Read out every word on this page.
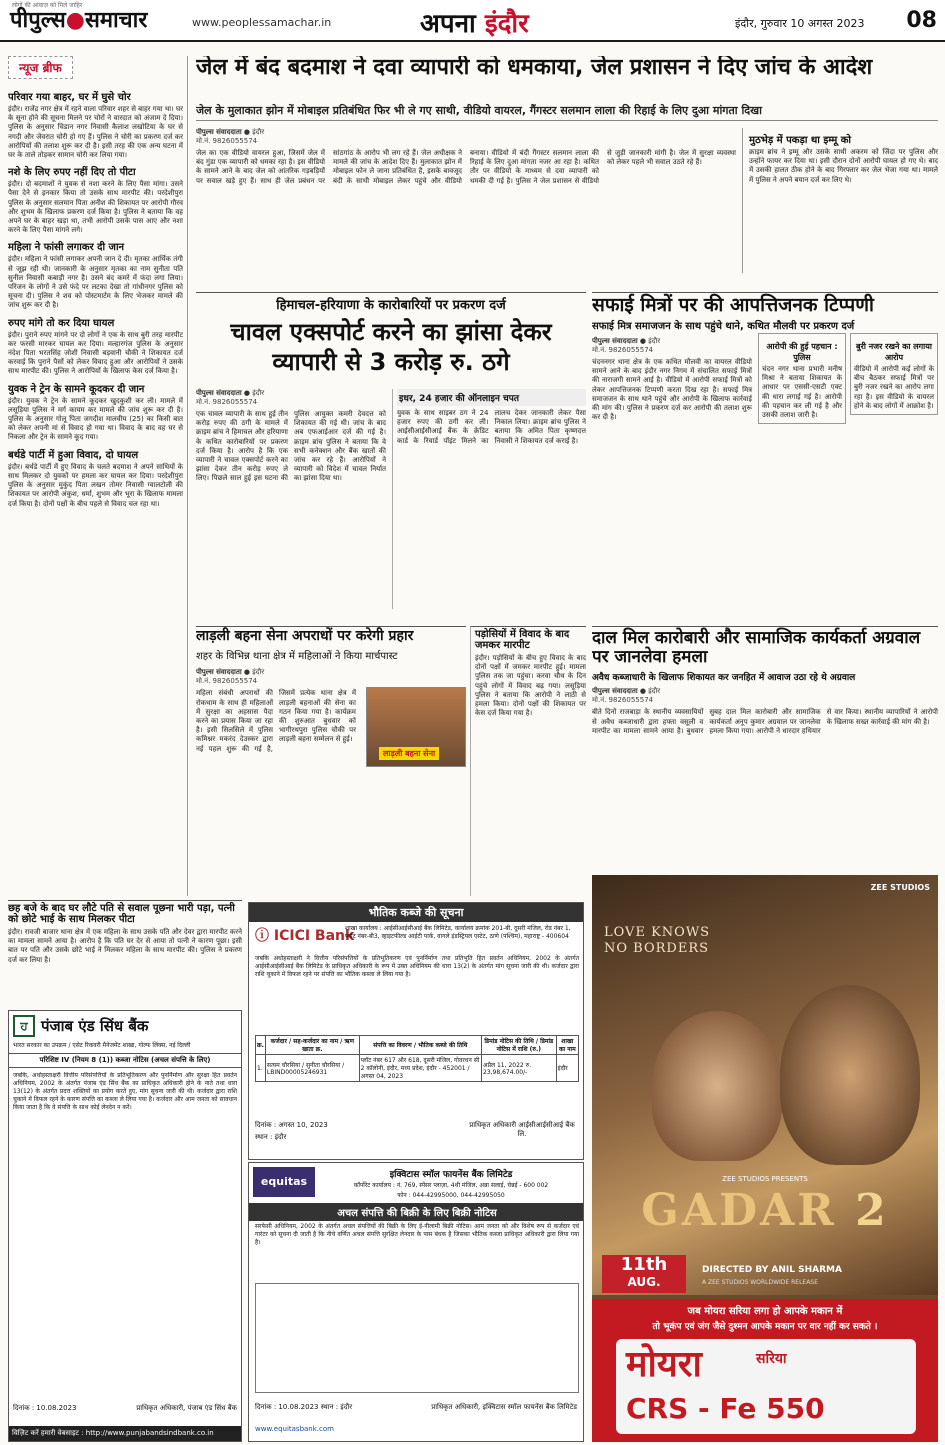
लोगों की आवाज़ को मिले जाहिर
पीपुल्स●समाचार	www.peoplessamachar.in	अपना इंदौर	इंदौर, गुरुवार 10 अगस्त 2023 08
न्यूज ब्रीफ
परिवार गया बाहर, घर में घुसे चोर
इंदौर। राजेंद्र नगर क्षेत्र में रहने वाला परिवार शहर से बाहर गया था। घर के सूना होने की सूचना मिलने पर चोरों ने वारदात को अंजाम दे दिया। पुलिस के अनुसार चिडान नगर निवासी कैलाश लखोटिया के घर से नगदी और जेवरात चोरी हो गए हैं। पुलिस ने चोरी का प्रकरण दर्ज कर आरोपियों की तलाश शुरू कर दी है। इसी तरह की एक अन्य घटना में घर के ताले तोड़कर सामान चोरी कर लिया गया।
नशे के लिए रुपए नहीं दिए तो पीटा
इंदौर। दो बदमाशों ने युवक से नशा करने के लिए पैसा मांगा। उसने पैसा देने से इनकार किया तो उसके साथ मारपीट की। परदेशीपुरा पुलिस के अनुसार सलमान पिता अनीश की शिकायत पर आरोपी गौरव और शुभम के खिलाफ प्रकरण दर्ज किया है। पुलिस ने बताया कि वह अपने घर के बाहर खड़ा था, तभी आरोपी उसके पास आए और नशा करने के लिए पैसा मांगने लगे।
महिला ने फांसी लगाकर दी जान
इंदौर। महिला ने फांसी लगाकर अपनी जान दे दी। मृतका आर्थिक तंगी से जूझ रही थी। जानकारी के अनुसार मृतका का नाम सुनीता पति सुनील निवासी कबाड़ी नगर है। उसने बंद कमरे में फंदा लगा लिया। परिजन के लोगों ने उसे फंदे पर लटका देखा तो गांधीनगर पुलिस को सूचना दी। पुलिस ने शव को पोस्टमार्टम के लिए भेजकर मामले की जांच शुरू कर दी है।
रुपए मांगे तो कर दिया घायल
इंदौर। पुराने रुपए मांगने पर दो लोगों ने एक के साथ बुरी तरह मारपीट कर फरसी मारकर घायल कर दिया। मल्हारगंज पुलिस के अनुसार नंदेश पिता भरतसिंह जोशी निवासी बड़वानी चौकी ने शिकायत दर्ज करवाई कि पुराने पैसों को लेकर विवाद हुआ और आरोपियों ने उसके साथ मारपीट की। पुलिस ने आरोपियों के खिलाफ केस दर्ज किया है।
युवक ने ट्रेन के सामने कूदकर दी जान
इंदौर। युवक ने ट्रेन के सामने कूदकर खुदकुशी कर ली। मामले में लसूड़िया पुलिस ने मर्ग कायम कर मामले की जांच शुरू कर दी है। पुलिस के अनुसार गोलू पिता जगदीश मालवीय (25) का किसी बात को लेकर अपनी मां से विवाद हो गया था। विवाद के बाद वह घर से निकला और ट्रेन के सामने कूद गया।
बर्थडे पार्टी में हुआ विवाद, दो घायल
इंदौर। बर्थडे पार्टी में हुए विवाद के चलते बदमाश ने अपने साथियों के साथ मिलकर दो युवकों पर हमला कर घायल कर दिया। परदेशीपुरा पुलिस के अनुसार मुकुंद पिता लखन तोमर निवासी ग्वालटोली की शिकायत पर आरोपी अंकुश, धर्मा, शुभम और भूरा के खिलाफ मामला दर्ज किया है। दोनों पक्षों के बीच पहले से विवाद चल रहा था।
जेल में बंद बदमाश ने दवा व्यापारी को धमकाया, जेल प्रशासन ने दिए जांच के आदेश
जेल के मुलाकात झोन में मोबाइल प्रतिबंधित फिर भी ले गए साथी, वीडियो वायरल, गैंगस्टर सलमान लाला की रिहाई के लिए दुआ मांगता दिखा
पीपुल्स संवाददाता ● इंदौर
मो.नं. 9826055574
जेल का एक वीडियो वायरल हुआ, जिसमें जेल में बंद गुंडा एक व्यापारी को धमका रहा है। इस वीडियो के सामने आने के बाद जेल को आंतरिक गड़बड़ियों पर सवाल खड़े हुए हैं। साथ ही जेल प्रबंधन पर सांठगांठ के आरोप भी लग रहे हैं। जेल अधीक्षक ने मामले की जांच के आदेश दिए हैं। मुलाकात झोन में मोबाइल फोन ले जाना प्रतिबंधित है, इसके बावजूद बंदी के साथी मोबाइल लेकर पहुंचे और वीडियो बनाया। वीडियो में बंदी गैंगस्टर सलमान लाला की रिहाई के लिए दुआ मांगता नजर आ रहा है। कथित तौर पर वीडियो के माध्यम से दवा व्यापारी को धमकी दी गई है। पुलिस ने जेल प्रशासन से वीडियो से जुड़ी जानकारी मांगी है। जेल में सुरक्षा व्यवस्था को लेकर पहले भी सवाल उठते रहे हैं।
मुठभेड़ में पकड़ा था इम्मू को
क्राइम ब्रांच ने इम्मू और उसके साथी अकरम को जिंदा पर पुलिस और उन्होंने फायर कर दिया था। इसी दौरान दोनों आरोपी घायल हो गए थे। बाद में उसकी हालत ठीक होने के बाद गिरफ्तार कर जेल भेजा गया था। मामले में पुलिस ने अपने बयान दर्ज कर लिए थे।
हिमाचल-हरियाणा के कारोबारियों पर प्रकरण दर्ज
चावल एक्सपोर्ट करने का झांसा देकर व्यापारी से 3 करोड़ रु. ठगे
पीपुल्स संवाददाता ● इंदौर
मो.नं. 9826055574
एक चावल व्यापारी के साथ हुई तीन करोड़ रुपए की ठगी के मामले में क्राइम ब्रांच ने हिमाचल और हरियाणा के कथित कारोबारियों पर प्रकरण दर्ज किया है। आरोप है कि एक व्यापारी ने चावल एक्सपोर्ट करने का झांसा देकर तीन करोड़ रुपए ले लिए। पिछले साल हुई इस घटना की पुलिस आयुक्त कमरी देवदत्त को शिकायत की गई थी। जांच के बाद अब एफआईआर दर्ज की गई है। क्राइम ब्रांच पुलिस ने बताया कि वे सभी कनेक्शन और बैंक खातों की जांच कर रहे हैं। आरोपियों ने व्यापारी को विदेश में चावल निर्यात का झांसा दिया था।
इधर, 24 हजार की ऑनलाइन चपत
युवक के साथ साइबर ठग ने 24 हजार रुपए की ठगी कर ली। आईसीआईसीआई बैंक के क्रेडिट कार्ड के रिवार्ड पॉइंट मिलने का लालच देकर जानकारी लेकर पैसा निकाल लिया। क्राइम ब्रांच पुलिस ने बताया कि अमित पिता कृष्णदत्त निवासी ने शिकायत दर्ज कराई है।
सफाई मित्रों पर की आपत्तिजनक टिप्पणी
सफाई मित्र समाजजन के साथ पहुंचे थाने, कथित मौलवी पर प्रकरण दर्ज
पीपुल्स संवाददाता ● इंदौर
मो.नं. 9826055574
चंदननगर थाना क्षेत्र के एक कथित मौलवी का वायरल वीडियो सामने आने के बाद इंदौर नगर निगम में संचालित सफाई मित्रों की नाराजगी सामने आई है। वीडियो में आरोपी सफाई मित्रों को लेकर आपत्तिजनक टिप्पणी करता दिख रहा है। सफाई मित्र समाजजन के साथ थाने पहुंचे और आरोपी के खिलाफ कार्रवाई की मांग की। पुलिस ने प्रकरण दर्ज कर आरोपी की तलाश शुरू कर दी है।
आरोपी की हुई पहचान : पुलिस
चंदन नगर थाना प्रभारी मनीष मिश्रा ने बताया शिकायत के आधार पर एससी-एसटी एक्ट की धारा लगाई गई है। आरोपी की पहचान कर ली गई है और उसकी तलाश जारी है।
बुरी नजर रखने का लगाया आरोप
वीडियो में आरोपी कई लोगों के बीच बैठकर सफाई मित्रों पर बुरी नजर रखने का आरोप लगा रहा है। इस वीडियो के वायरल होने के बाद लोगों में आक्रोश है।
लाड़ली बहना सेना अपराधों पर करेगी प्रहार
शहर के विभिन्न थाना क्षेत्र में महिलाओं ने किया मार्चपास्ट
पीपुल्स संवाददाता ● इंदौर
मो.नं. 9826055574
महिला संबंधी अपराधों की रोकथाम के साथ ही महिलाओं में सुरक्षा का अहसास पैदा करने का प्रयास किया जा रहा है। इसी सिलसिले में पुलिस कमिश्नर मकरंद देउस्कर द्वारा नई पहल शुरू की गई है, जिसमें प्रत्येक थाना क्षेत्र में लाड़ली बहनाओं की सेना का गठन किया गया है। कार्यक्रम की शुरुआत बुधवार को भागीरथपुरा पुलिस चौकी पर लाड़ली बहना सम्मेलन से हुई।
लाड़ली बहना सेना
पड़ोसियों में विवाद के बाद जमकर मारपीट
इंदौर। पड़ोसियों के बीच हुए विवाद के बाद दोनों पक्षों में जमकर मारपीट हुई। मामला पुलिस तक जा पहुंचा। करवा चौथ के दिन पहुंचे लोगों में विवाद बढ़ गया। लसूड़िया पुलिस ने बताया कि आरोपी ने लाठी से हमला किया। दोनों पक्षों की शिकायत पर केस दर्ज किया गया है।
दाल मिल कारोबारी और सामाजिक कार्यकर्ता अग्रवाल पर जानलेवा हमला
अवैध कब्जाधारी के खिलाफ शिकायत कर जनहित में आवाज उठा रहे थे अग्रवाल
पीपुल्स संवाददाता ● इंदौर
मो.नं. 9826055574
बीते दिनों राजबाड़ा के स्थानीय व्यवसायियों से अवैध कब्जाधारी द्वारा हफ्ता वसूली व मारपीट का मामला सामने आया है। बुधवार सुबह दाल मिल कारोबारी और सामाजिक कार्यकर्ता अनूप कुमार अग्रवाल पर जानलेवा हमला किया गया। आरोपी ने धारदार हथियार से वार किया। स्थानीय व्यापारियों ने आरोपी के खिलाफ सख्त कार्रवाई की मांग की है।
छह बजे के बाद घर लौटे पति से सवाल पूछना भारी पड़ा, पत्नी को छोटे भाई के साथ मिलकर पीटा
इंदौर। रावजी बाजार थाना क्षेत्र में एक महिला के साथ उसके पति और देवर द्वारा मारपीट करने का मामला सामने आया है। आरोप है कि पति घर देर से आया तो पत्नी ने कारण पूछा। इसी बात पर पति और उसके छोटे भाई ने मिलकर महिला के साथ मारपीट की। पुलिस ने प्रकरण दर्ज कर लिया है।
भौतिक कब्जे की सूचना
ⓘ ICICI Bank
शाखा कार्यालय : आईसीआईसीआई बैंक लिमिटेड, कार्यालय क्रमांक 201-बी, दूसरी मंजिल, रोड नंबर 1, प्लॉट नंबर-बी3, व्हाइटफील्ड आईटी पार्क, वागले इंडस्ट्रियल एस्टेट, ठाणे (पश्चिम), महाराष्ट्र - 400604
जबकि अधोहस्ताक्षरी ने वित्तीय परिसंपत्तियों के प्रतिभूतिकरण एवं पुनर्निर्माण तथा प्रतिभूति हित प्रवर्तन अधिनियम, 2002 के अंतर्गत आईसीआईसीआई बैंक लिमिटेड के प्राधिकृत अधिकारी के रूप में उक्त अधिनियम की धारा 13(2) के अंतर्गत मांग सूचना जारी की थी। कर्जदार द्वारा राशि चुकाने में विफल रहने पर संपत्ति का भौतिक कब्जा ले लिया गया है।
क्र.	कर्जदार / सह-कर्जदार का नाम / ऋण खाता क्र.	संपत्ति का विवरण / भौतिक कब्जे की तिथि	डिमांड नोटिस की तिथि / डिमांड नोटिस में राशि (रु.)	शाखा का नाम
1.	सत्यम चौरसिया / सुनीता चौरसिया / LBIND00005246931	प्लॉट नंबर 617 और 618, दूसरी मंजिल, गोवरधन सी 2 कॉलोनी, इंदौर, मध्य प्रदेश, इंदौर - 452001 / अगस्त 04, 2023	अप्रैल 11, 2022 रु. 23,98,674.00/-	इंदौर
दिनांक : अगस्त 10, 2023
स्थान : इंदौर
प्राधिकृत अधिकारी आईसीआईसीआई बैंक लि.
ਹ पंजाब एंड सिंध बैंक
भारत सरकार का उपक्रम / एसेट रिकवरी मैनेजमेंट शाखा, गोल्फ लिंक्स, नई दिल्ली
परिशिष्ट IV (नियम 8 (1)) कब्जा नोटिस (अचल संपत्ति के लिए)
जबकि, अधोहस्ताक्षरी वित्तीय परिसंपत्तियों के प्रतिभूतिकरण और पुनर्निर्माण और सुरक्षा हित प्रवर्तन अधिनियम, 2002 के अंतर्गत पंजाब एंड सिंध बैंक का प्राधिकृत अधिकारी होने के नाते तथा धारा 13(12) के अंतर्गत प्रदत्त शक्तियों का प्रयोग करते हुए, मांग सूचना जारी की थी। कर्जदार द्वारा राशि चुकाने में विफल रहने के कारण संपत्ति का कब्जा ले लिया गया है। कर्जदार और आम जनता को सावधान किया जाता है कि वे संपत्ति के साथ कोई लेनदेन न करें।
दिनांक : 10.08.2023	प्राधिकृत अधिकारी, पंजाब एंड सिंध बैंक
विज़िट करें हमारी वेबसाइट : http://www.punjabandsindbank.co.in
equitas	इक्विटास स्मॉल फायनेंस बैंक लिमिटेड
कॉर्पोरेट कार्यालय : नं. 769, स्पेंसर प्लाज़ा, 4थी मंजिल, अन्ना सलाई, चेन्नई - 600 002
फोन : 044-42995000, 044-42995050
अचल संपत्ति की बिक्री के लिए बिक्री नोटिस
सरफेसी अधिनियम, 2002 के अंतर्गत अचल संपत्तियों की बिक्री के लिए ई-नीलामी बिक्री नोटिस। आम जनता को और विशेष रूप से कर्जदार एवं गारंटर को सूचना दी जाती है कि नीचे वर्णित अचल संपत्ति सुरक्षित लेनदार के पास बंधक है जिसका भौतिक कब्जा प्राधिकृत अधिकारी द्वारा लिया गया है।
दिनांक : 10.08.2023 स्थान : इंदौर	प्राधिकृत अधिकारी, इक्विटास स्मॉल फायनेंस बैंक लिमिटेड
www.equitasbank.com
ZEE STUDIOS
LOVE KNOWS
NO BORDERS
ZEE STUDIOS PRESENTS
GADAR 2
11th
AUG.
DIRECTED BY ANIL SHARMA
A ZEE STUDIOS WORLDWIDE RELEASE
जब मोयरा सरिया लगा हो आपके मकान में
तो भूकंप एवं जंग जैसे दुश्मन आपके मकान पर वार नहीं कर सकते ।
मोयरा	सरिया
CRS - Fe 550
